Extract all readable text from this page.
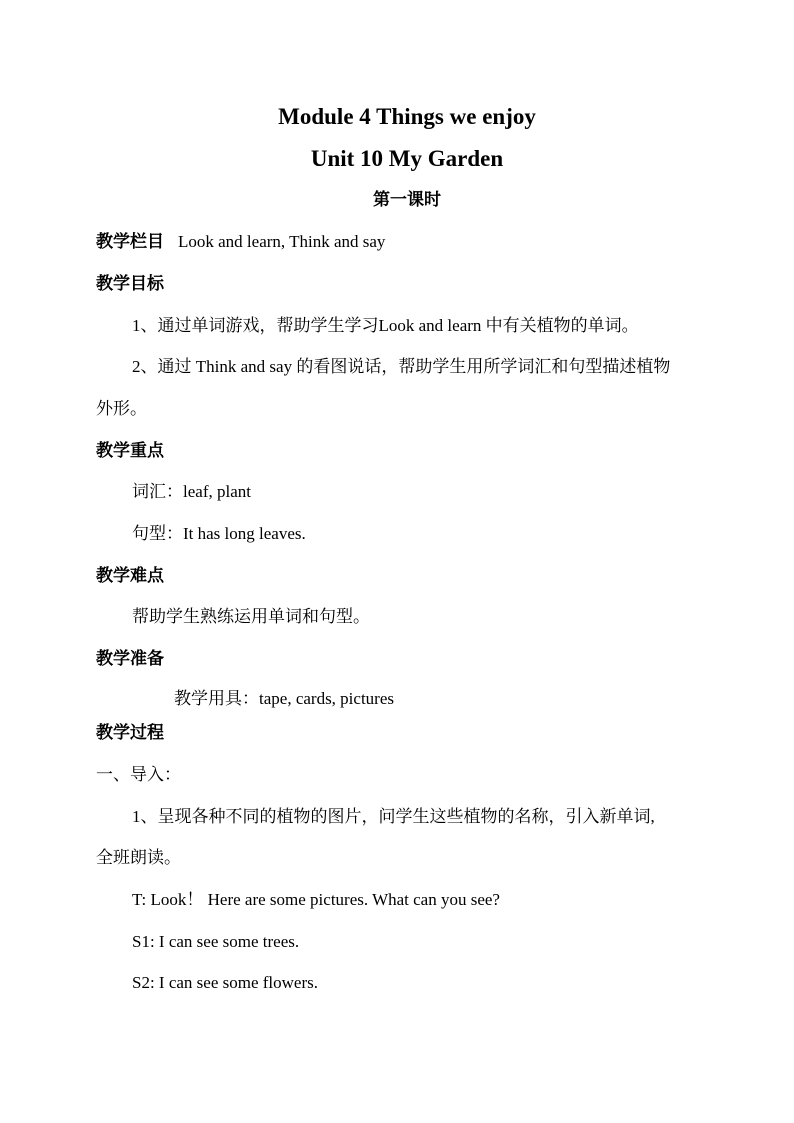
Module 4 Things we enjoy
Unit 10 My Garden
第一课时
教学栏目 Look and learn, Think and say
教学目标
1、通过单词游戏，帮助学生学习Look and learn 中有关植物的单词。
2、通过 Think and say 的看图说话，帮助学生用所学词汇和句型描述植物
外形。
教学重点
词汇：leaf, plant
句型：It has long leaves.
教学难点
帮助学生熟练运用单词和句型。
教学准备
教学用具：tape, cards, pictures
教学过程
一、导入：
1、呈现各种不同的植物的图片，问学生这些植物的名称，引入新单词,
全班朗读。
T: Look！ Here are some pictures. What can you see?
S1: I can see some trees.
S2: I can see some flowers.
